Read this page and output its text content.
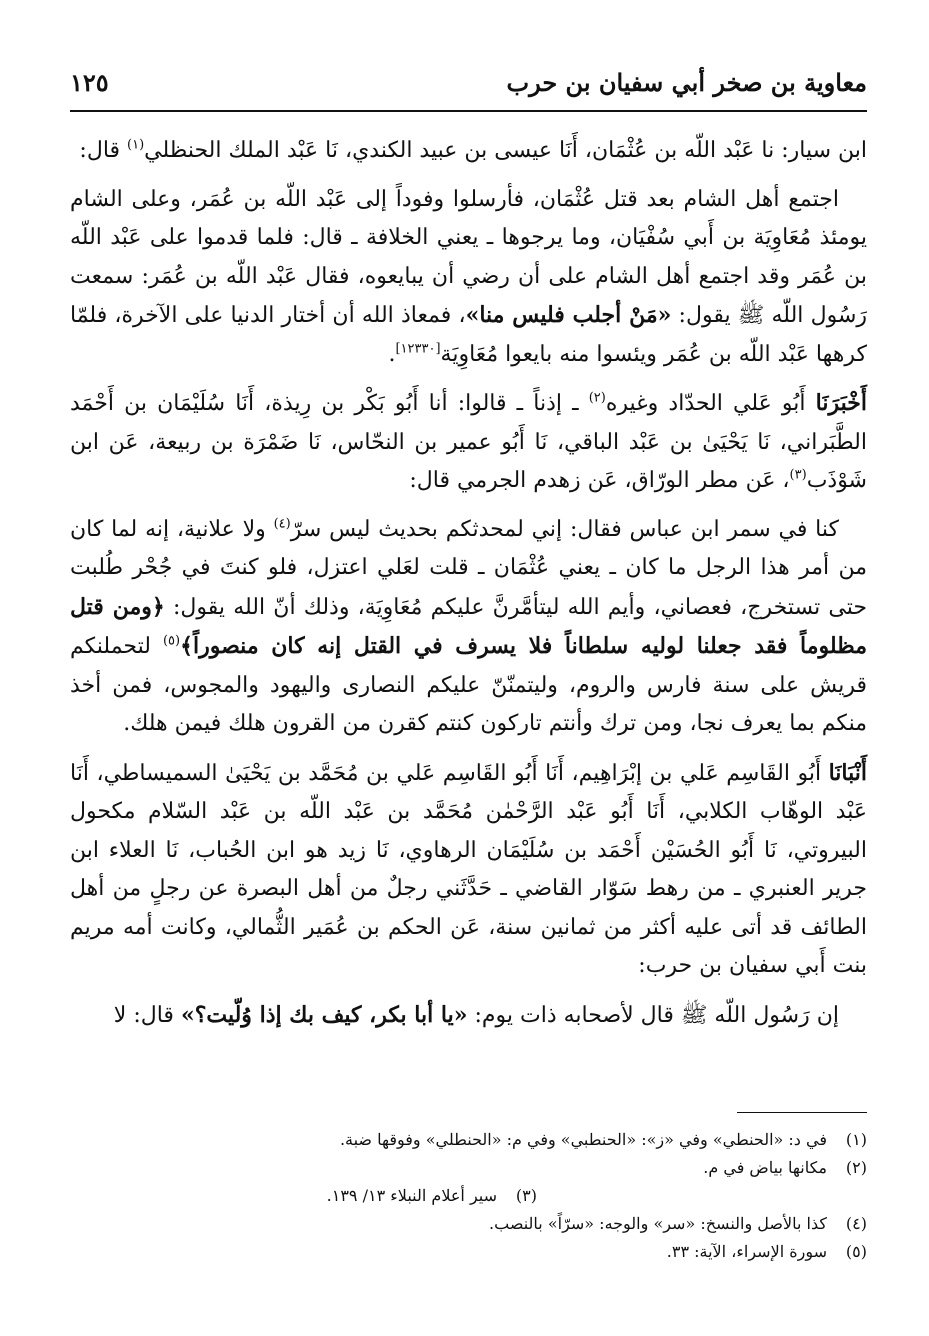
معاوية بن صخر أبي سفيان بن حرب
١٢٥

ابن سيار: نا عَبْد اللّه بن عُثْمَان، أَنَا عيسى بن عبيد الكندي، نَا عَبْد الملك الحنظلي$^{(١)}$ قال:

اجتمع أهل الشام بعد قتل عُثْمَان، فأرسلوا وفوداً إلى عَبْد اللّه بن عُمَر، وعلى الشام يومئذ مُعَاوِيَة بن أَبي سُفْيَان، وما يرجوها ـ يعني الخلافة ـ قال: فلما قدموا على عَبْد اللّه بن عُمَر وقد اجتمع أهل الشام على أن رضي أن يبايعوه، فقال عَبْد اللّه بن عُمَر: سمعت رَسُول اللّه ﷺ يقول: «مَنْ أجلب فليس منا»، فمعاذ الله أن أختار الدنيا على الآخرة، فلمّا كرهها عَبْد اللّه بن عُمَر ويئسوا منه بايعوا مُعَاوِيَة[١٢٣٣٠].

أَخْبَرَنَا أَبُو عَلي الحدّاد وغيره$^{(٢)}$ ـ إذناً ـ قالوا: أنا أَبُو بَكْر بن رِيذة، أَنَا سُلَيْمَان بن أَحْمَد الطَّبَراني، نَا يَحْيَىٰ بن عَبْد الباقي، نَا أَبُو عمير بن النحّاس، نَا ضَمْرَة بن ربيعة، عَن ابن شَوْذَب$^{(٣)}$، عَن مطر الورّاق، عَن زهدم الجرمي قال:

كنا في سمر ابن عباس فقال: إني لمحدثكم بحديث ليس سرّ$^{(٤)}$ ولا علانية، إنه لما كان من أمر هذا الرجل ما كان ـ يعني عُثْمَان ـ قلت لعَلي اعتزل، فلو كنتَ في جُحْر طُلبت حتى تستخرج، فعصاني، وأيم الله ليتأمَّرنَّ عليكم مُعَاوِيَة، وذلك أنّ الله يقول: ﴿ومن قتل مظلوماً فقد جعلنا لوليه سلطاناً فلا يسرف في القتل إنه كان منصوراً﴾$^{(٥)}$ لتحملنكم قريش على سنة فارس والروم، وليتمنّنّ عليكم النصارى واليهود والمجوس، فمن أخذ منكم بما يعرف نجا، ومن ترك وأنتم تاركون كنتم كقرن من القرون هلك فيمن هلك.

أَنْبَانَا أَبُو القَاسِم عَلي بن إبْرَاهِيم، أَنَا أَبُو القَاسِم عَلي بن مُحَمَّد بن يَحْيَىٰ السميساطي، أَنَا عَبْد الوهّاب الكلابي، أَنَا أَبُو عَبْد الرَّحْمٰن مُحَمَّد بن عَبْد اللّه بن عَبْد السّلام مكحول البيروتي، نَا أَبُو الحُسَيْن أَحْمَد بن سُلَيْمَان الرهاوي، نَا زيد هو ابن الحُباب، نَا العلاء ابن جرير العنبري ـ من رهط سَوّار القاضي ـ حَدَّثَني رجلٌ من أهل البصرة عن رجلٍ من أهل الطائف قد أتى عليه أكثر من ثمانين سنة، عَن الحكم بن عُمَير الثُّمالي، وكانت أمه مريم بنت أَبي سفيان بن حرب:

إن رَسُول اللّه ﷺ قال لأصحابه ذات يوم: «يا أبا بكر، كيف بك إذا وُلّيت؟» قال: لا

(١)
في د: «الحنطي» وفي «ز»: «الحنطبي» وفي م: «الحنطلي» وفوقها ضبة.
(٢)
مكانها بياض في م.
(٣)
سير أعلام النبلاء ١٣/ ١٣٩.
(٤)
كذا بالأصل والنسخ: «سر» والوجه: «سرّاً» بالنصب.
(٥)
سورة الإسراء، الآية: ٣٣.
